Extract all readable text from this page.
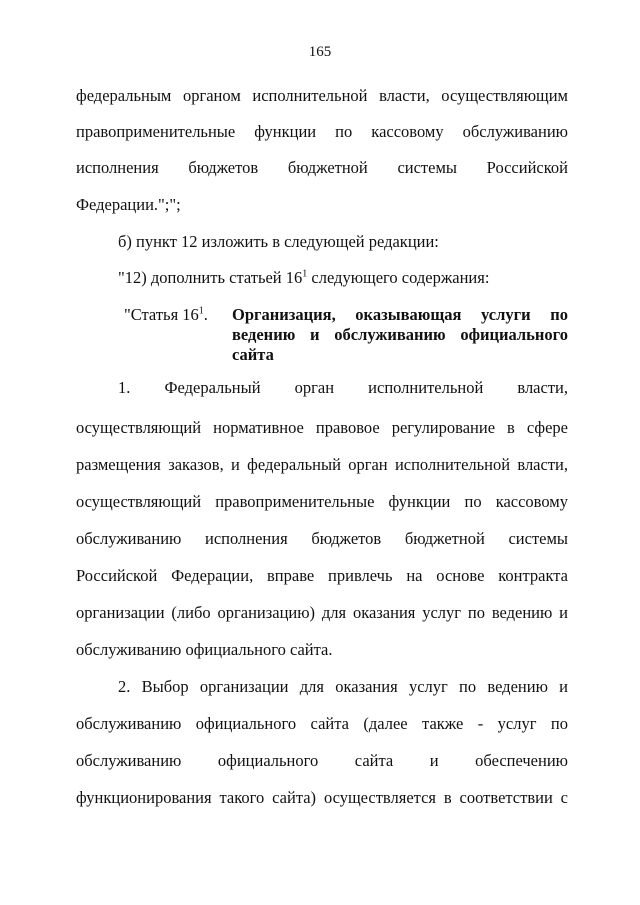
165
федеральным органом исполнительной власти, осуществляющим
правоприменительные функции по кассовому обслуживанию
исполнения бюджетов бюджетной системы Российской
Федерации.";";
б) пункт 12 изложить в следующей редакции:
"12) дополнить статьей $16^1$ следующего содержания:
"Статья $16^1$. Организация, оказывающая услуги по
ведению и обслуживанию официального
сайта
1. Федеральный орган исполнительной власти,
осуществляющий нормативное правовое регулирование в сфере
размещения заказов, и федеральный орган исполнительной власти,
осуществляющий правоприменительные функции по кассовому
обслуживанию исполнения бюджетов бюджетной системы
Российской Федерации, вправе привлечь на основе контракта
организации (либо организацию) для оказания услуг по ведению и
обслуживанию официального сайта.
2. Выбор организации для оказания услуг по ведению и
обслуживанию официального сайта (далее также - услуг по
обслуживанию официального сайта и обеспечению
функционирования такого сайта) осуществляется в соответствии с
